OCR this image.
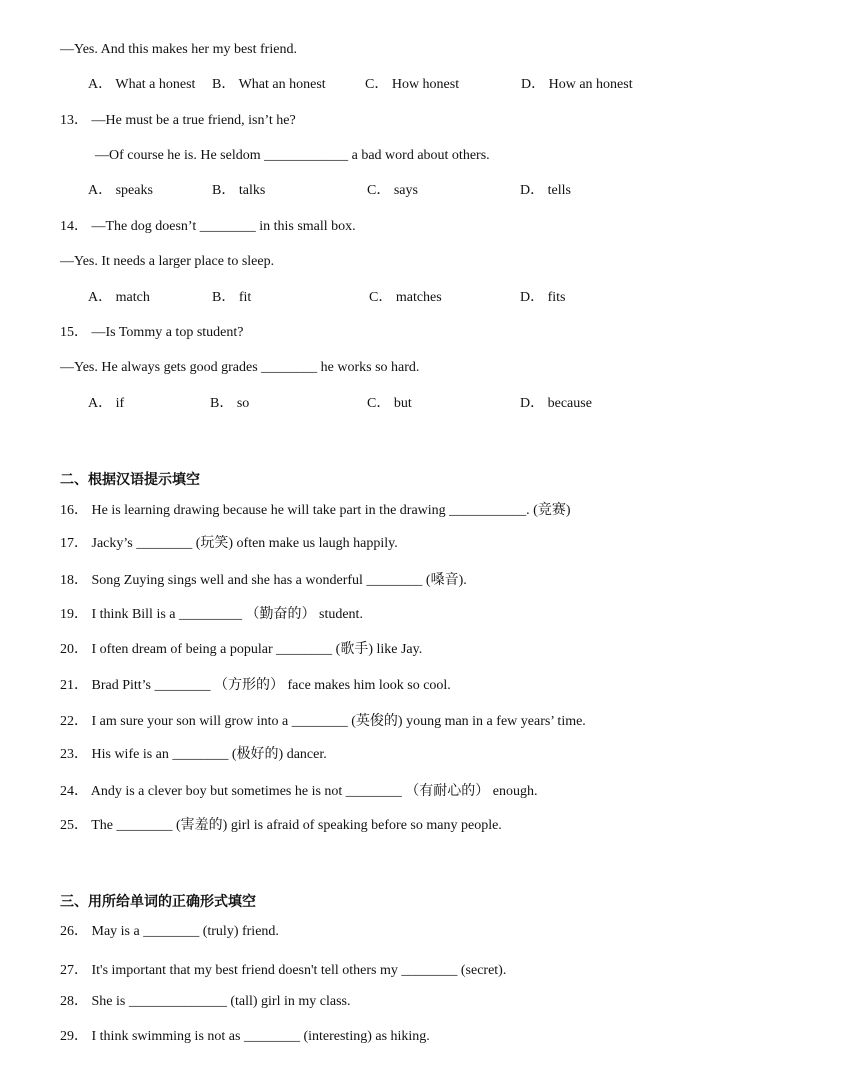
—Yes. And this makes her my best friend.
A． What a honest B． What an honest	C． How honest	D． How an honest
13． —He must be a true friend, isn’t he?
—Of course he is. He seldom ____________ a bad word about others.
A． speaks	B． talks	C． says	D． tells
14． —The dog doesn’t ________ in this small box.
—Yes. It needs a larger place to sleep.
A． match	B． fit	C． matches	D． fits
15． —Is Tommy a top student?
—Yes. He always gets good grades ________ he works so hard.
A． if	B． so	C． but	D． because
二、根据汉语提示填空
16． He is learning drawing because he will take part in the drawing ___________. (竞赛)
17． Jacky’s ________ (玩笑) often make us laugh happily.
18． Song Zuying sings well and she has a wonderful ________ (嗓音).
19． I think Bill is a _________ （勤奋的） student.
20． I often dream of being a popular ________ (歌手) like Jay.
21． Brad Pitt’s ________ （方形的） face makes him look so cool.
22． I am sure your son will grow into a ________ (英俊的) young man in a few years’ time.
23． His wife is an ________ (极好的) dancer.
24． Andy is a clever boy but sometimes he is not ________ （有耐心的） enough.
25． The ________ (害羞的) girl is afraid of speaking before so many people.
三、用所给单词的正确形式填空
26． May is a ________ (truly) friend.
27． It's important that my best friend doesn't tell others my ________ (secret).
28． She is ______________ (tall) girl in my class.
29． I think swimming is not as ________ (interesting) as hiking.
